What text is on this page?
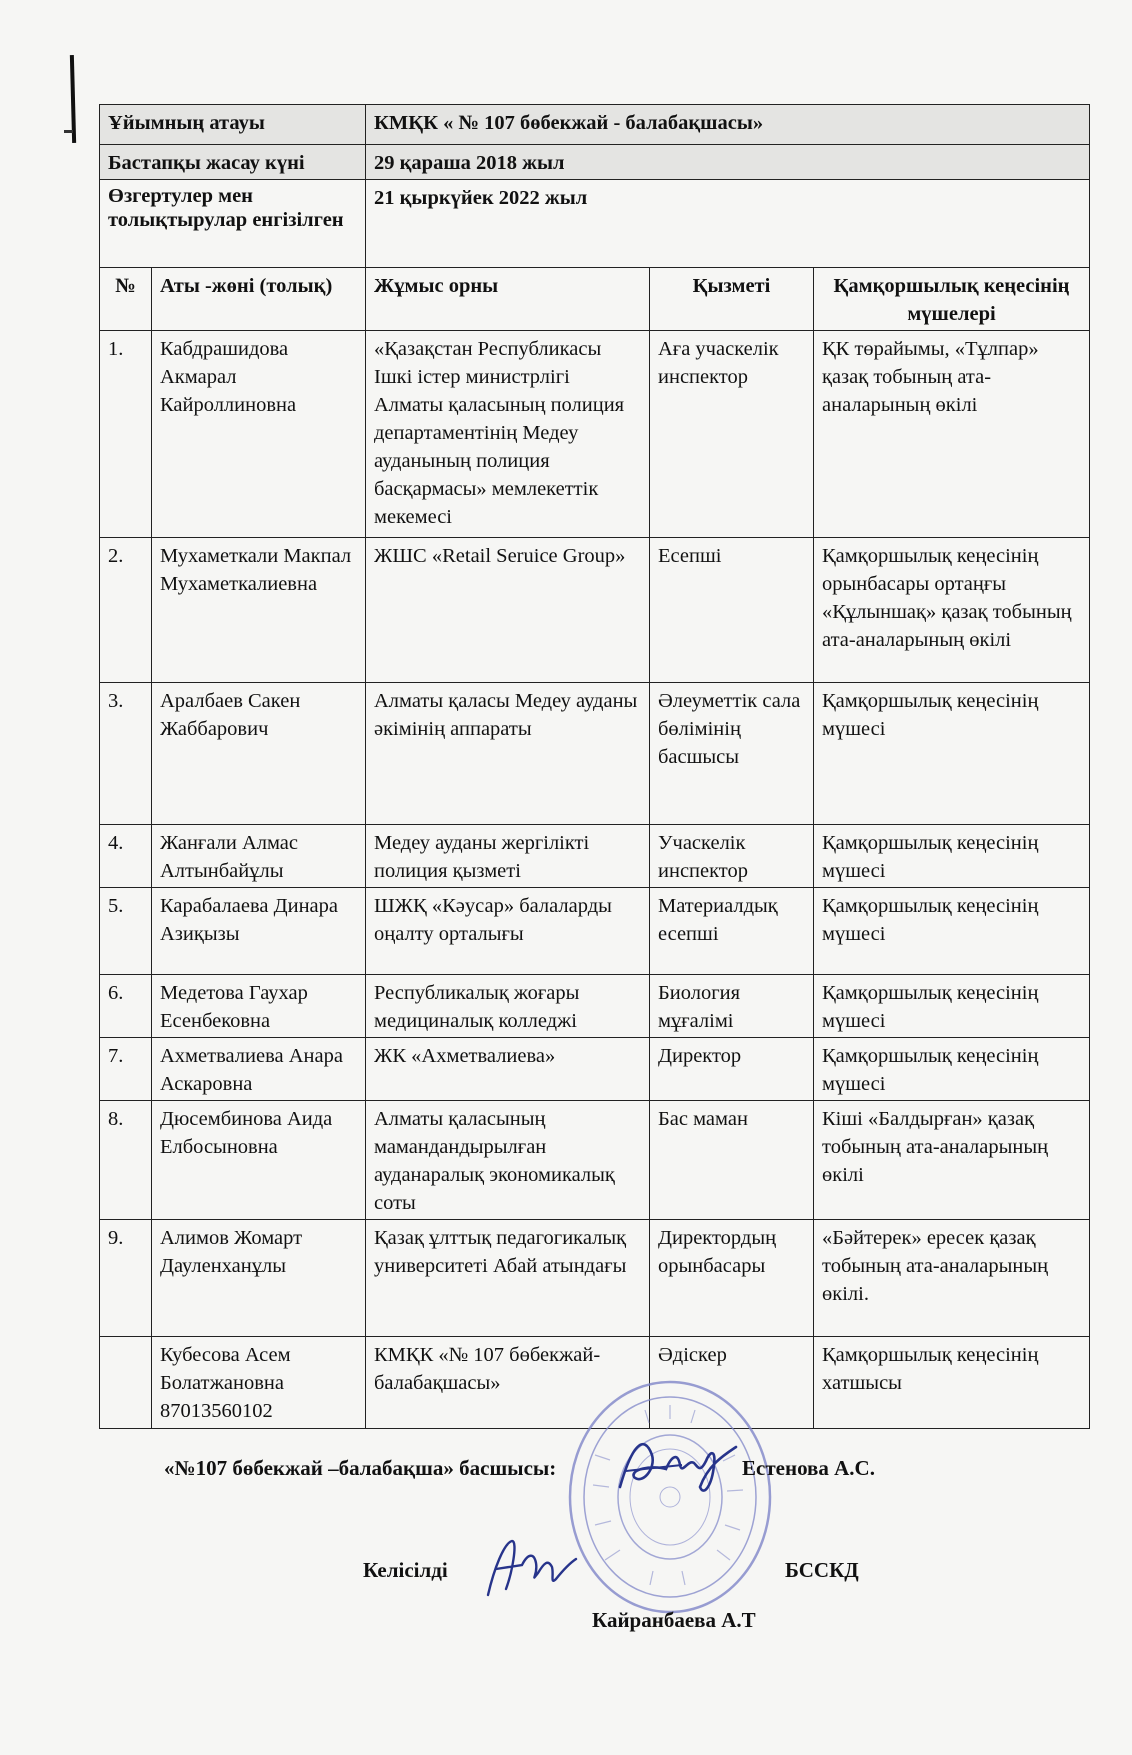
Ұйымның атауы		КМҚК « № 107 бөбекжай - балабақшасы»		
Бастапқы жасау күні		29 қараша 2018 жыл		
Өзгертулер мен толықтырулар енгізілген		21 қыркүйек 2022 жыл		
№	Аты -жөні (толық)	Жұмыс орны	Қызметі	Қамқоршылық кеңесінің мүшелері
1.	Кабдрашидова Акмарал Кайроллиновна	«Қазақстан Республикасы Ішкі істер министрлігі Алматы қаласының полиция департаментінің Медеу ауданының полиция басқармасы» мемлекеттік мекемесі	Аға учаскелік инспектор	ҚК төрайымы, «Тұлпар» қазақ тобының ата-аналарының өкілі
2.	Мухаметкали Макпал Мухаметкалиевна	ЖШС «Retail Seruice Group»	Есепші	Қамқоршылық кеңесінің орынбасары ортаңғы «Құлыншақ» қазақ тобының ата-аналарының өкілі
3.	Аралбаев Сакен Жаббарович	Алматы қаласы Медеу ауданы әкімінің аппараты	Әлеуметтік сала бөлімінің басшысы	Қамқоршылық кеңесінің мүшесі
4.	Жанғали Алмас Алтынбайұлы	Медеу ауданы жергілікті полиция қызметі	Учаскелік инспектор	Қамқоршылық кеңесінің мүшесі
5.	Карабалаева Динара Азиқызы	ШЖҚ «Кәусар» балаларды оңалту орталығы	Материалдық есепші	Қамқоршылық кеңесінің мүшесі
6.	Медетова Гаухар Есенбековна	Республикалық жоғары медициналық колледжі	Биология мұғалімі	Қамқоршылық кеңесінің мүшесі
7.	Ахметвалиева Анара Аскаровна	ЖК «Ахметвалиева»	Директор	Қамқоршылық кеңесінің мүшесі
8.	Дюсембинова Аида Елбосыновна	Алматы қаласының мамандандырылған ауданаралық экономикалық соты	Бас маман	Кіші «Балдырған» қазақ тобының ата-аналарының өкілі
9.	Алимов Жомарт Дауленханұлы	Қазақ ұлттық педагогикалық университеті Абай атындағы	Директордың орынбасары	«Бәйтерек» ересек қазақ тобының ата-аналарының өкілі.
	Кубесова Асем Болатжановна 87013560102	КМҚК «№ 107 бөбекжай-балабақшасы»	Әдіскер	Қамқоршылық кеңесінің хатшысы
«№107 бөбекжай –балабақша» басшысы:	Естенова А.С.
Келісілді	БССКД
Кайранбаева А.Т
